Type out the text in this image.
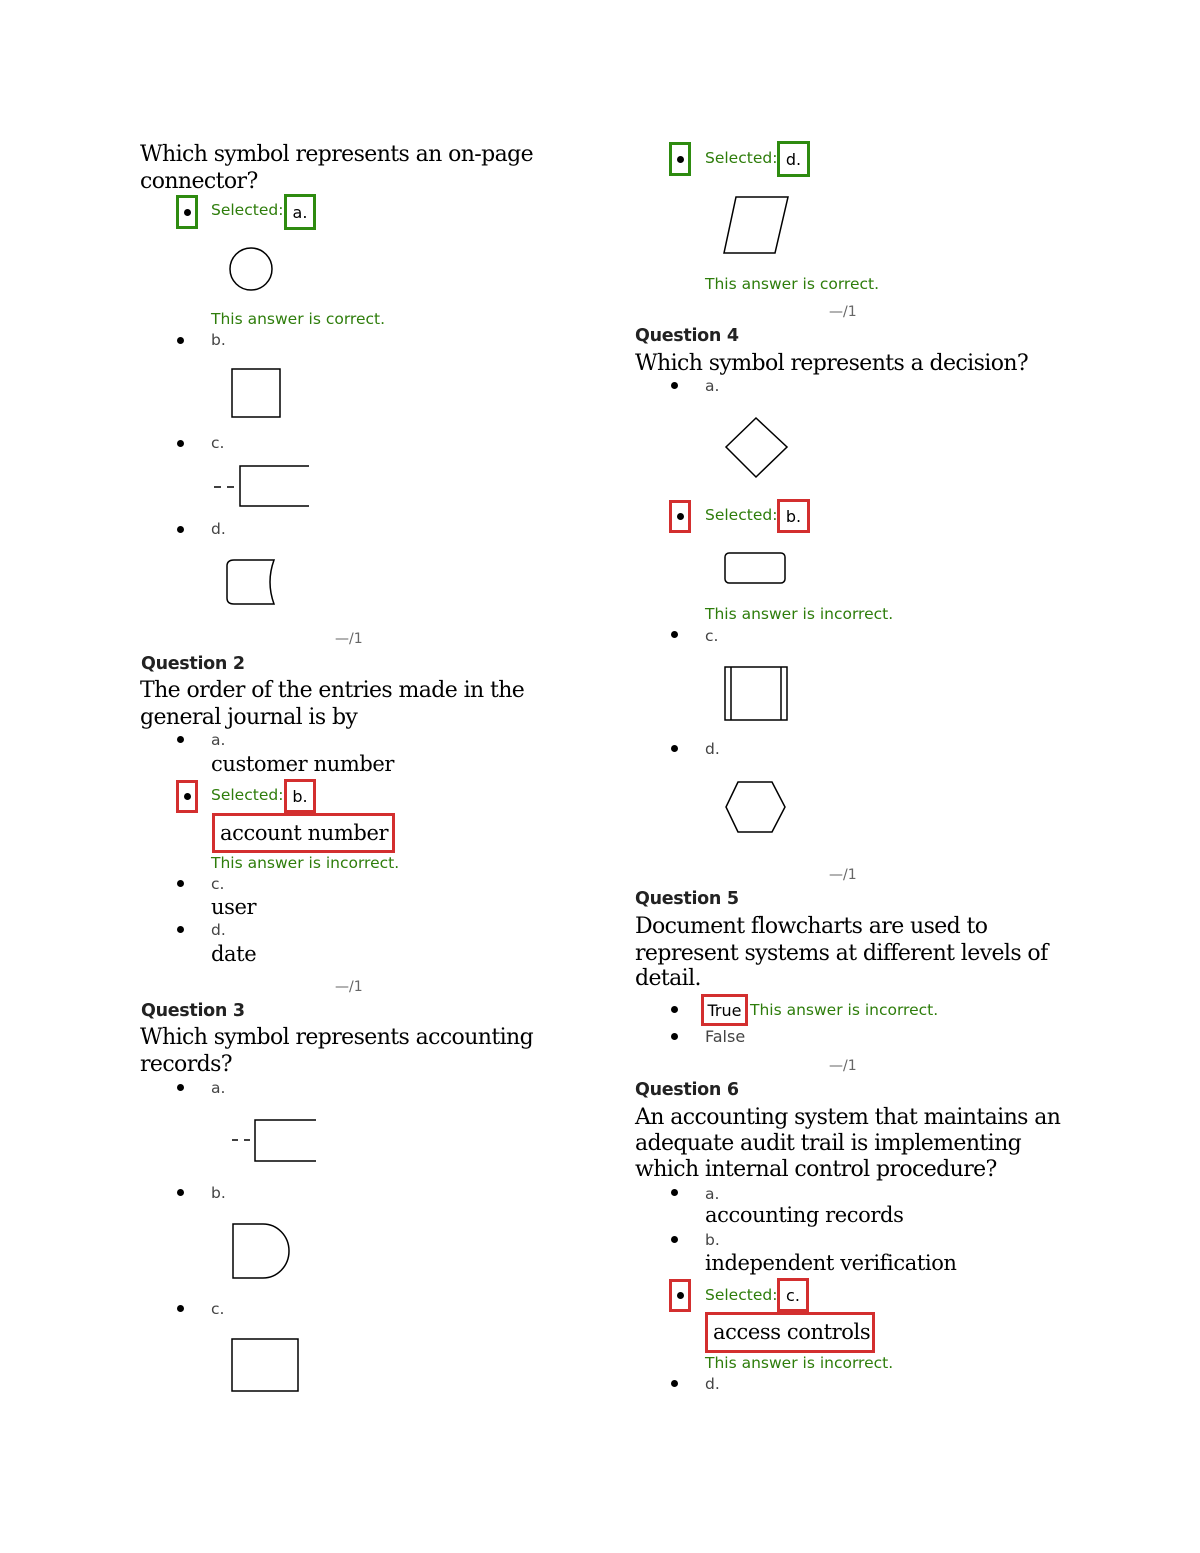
Which symbol represents an on-page
connector?
Selected: a.
This answer is correct.
b.
c.
d.
—/1
Question 2
The order of the entries made in the
general journal is by
a.
customer number
Selected: b.
account number
This answer is incorrect.
c.
user
d.
date
—/1
Question 3
Which symbol represents accounting
records?
a.
b.
c.
Selected: d.
This answer is correct.
—/1
Question 4
Which symbol represents a decision?
a.
Selected: b.
This answer is incorrect.
c.
d.
—/1
Question 5
Document flowcharts are used to
represent systems at different levels of
detail.
True This answer is incorrect.
False
—/1
Question 6
An accounting system that maintains an
adequate audit trail is implementing
which internal control procedure?
a.
accounting records
b.
independent verification
Selected: c.
access controls
This answer is incorrect.
d.
